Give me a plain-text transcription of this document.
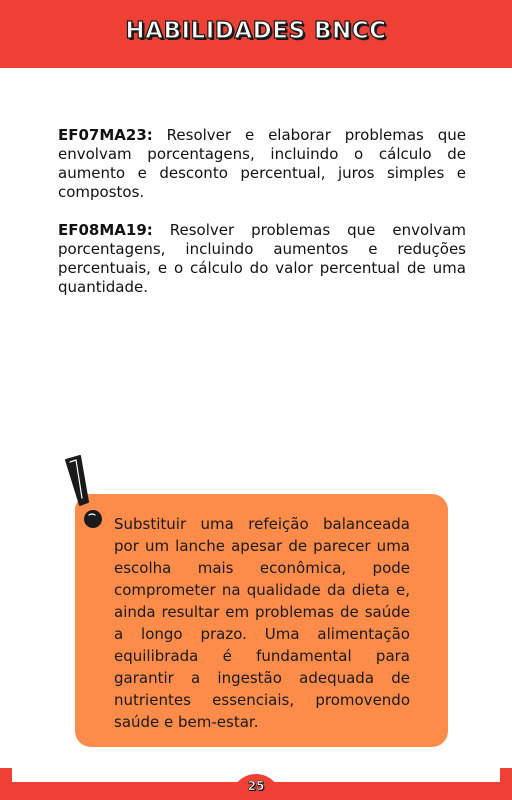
HABILIDADES BNCC

EF07MA23: Resolver e elaborar problemas que envolvam porcentagens, incluindo o cálculo de aumento e desconto percentual, juros simples e compostos.

EF08MA19: Resolver problemas que envolvam porcentagens, incluindo aumentos e reduções percentuais, e o cálculo do valor percentual de uma quantidade.

Substituir uma refeição balanceada por um lanche apesar de parecer uma escolha mais econômica, pode comprometer na qualidade da dieta e, ainda resultar em problemas de saúde a longo prazo. Uma alimentação equilibrada é fundamental para garantir a ingestão adequada de nutrientes essenciais, promovendo saúde e bem-estar.

25
